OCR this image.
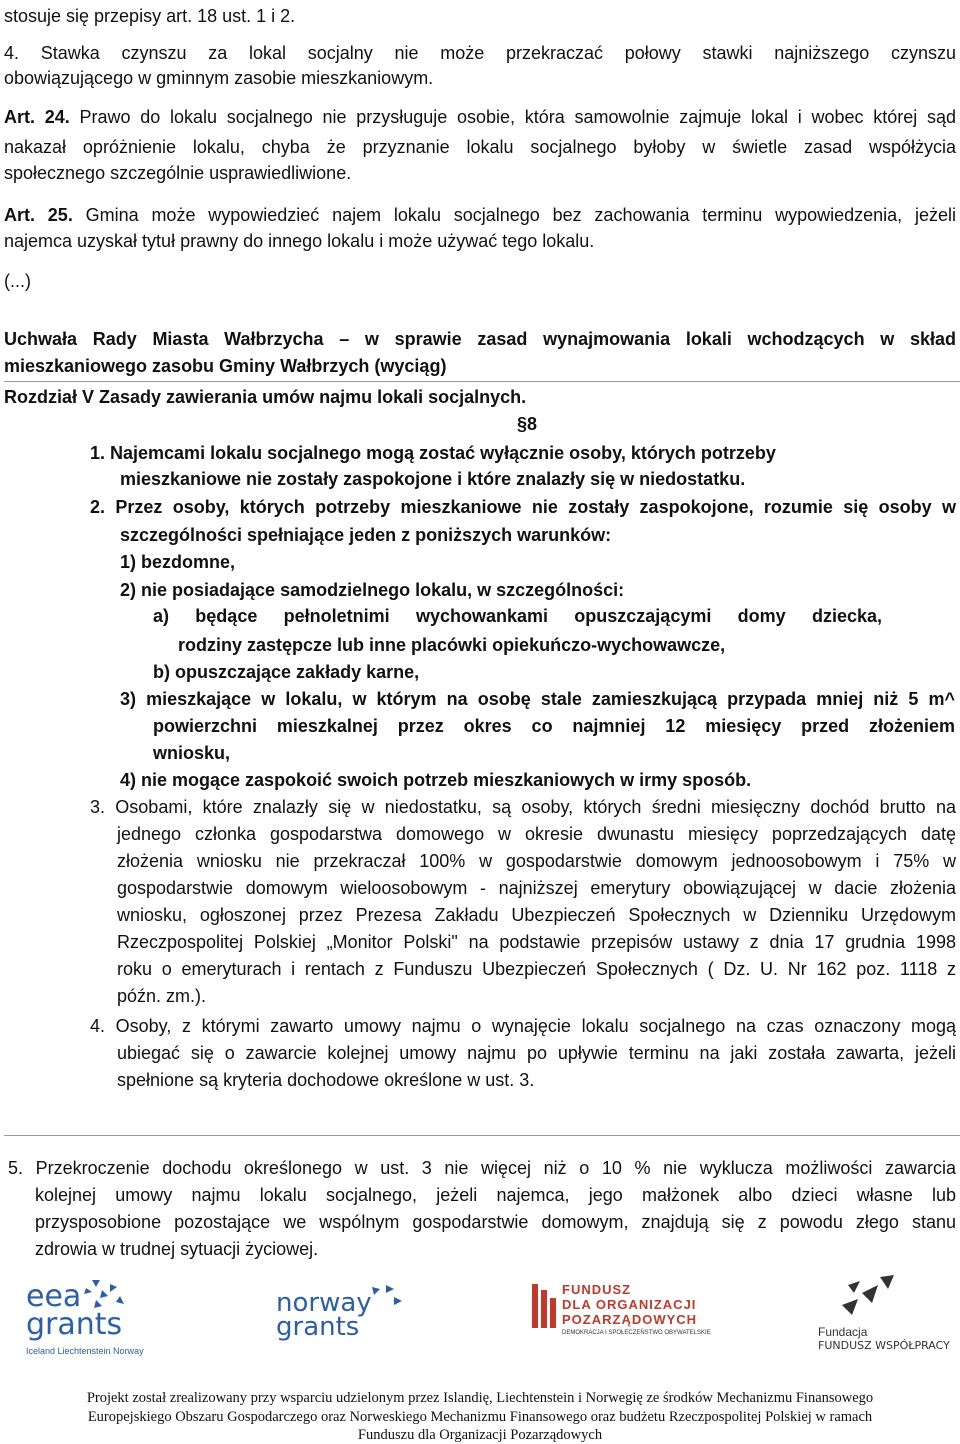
stosuje się przepisy art. 18 ust. 1 i 2.
4. Stawka czynszu za lokal socjalny nie może przekraczać połowy stawki najniższego czynszu
obowiązującego w gminnym zasobie mieszkaniowym.
Art. 24. Prawo do lokalu socjalnego nie przysługuje osobie, która samowolnie zajmuje lokal i wobec której sąd
nakazał opróżnienie lokalu, chyba że przyznanie lokalu socjalnego byłoby w świetle zasad współżycia
społecznego szczególnie usprawiedliwione.
Art. 25. Gmina może wypowiedzieć najem lokalu socjalnego bez zachowania terminu wypowiedzenia, jeżeli
najemca uzyskał tytuł prawny do innego lokalu i może używać tego lokalu.
(...)
Uchwała Rady Miasta Wałbrzycha – w sprawie zasad wynajmowania lokali wchodzących w skład
mieszkaniowego zasobu Gminy Wałbrzych (wyciąg)
Rozdział V Zasady zawierania umów najmu lokali socjalnych.
§8
1. Najemcami lokalu socjalnego mogą zostać wyłącznie osoby, których potrzeby
mieszkaniowe nie zostały zaspokojone i które znalazły się w niedostatku.
2. Przez osoby, których potrzeby mieszkaniowe nie zostały zaspokojone, rozumie się osoby w
szczególności spełniające jeden z poniższych warunków:
1) bezdomne,
2) nie posiadające samodzielnego lokalu, w szczególności:
a) będące pełnoletnimi wychowankami opuszczającymi domy dziecka,
rodziny zastępcze lub inne placówki opiekuńczo-wychowawcze,
b) opuszczające zakłady karne,
3) mieszkające w lokalu, w którym na osobę stale zamieszkującą przypada mniej niż 5 m^
powierzchni mieszkalnej przez okres co najmniej 12 miesięcy przed złożeniem
wniosku,
4) nie mogące zaspokoić swoich potrzeb mieszkaniowych w irmy sposób.
3. Osobami, które znalazły się w niedostatku, są osoby, których średni miesięczny dochód brutto na
jednego członka gospodarstwa domowego w okresie dwunastu miesięcy poprzedzających datę
złożenia wniosku nie przekraczał 100% w gospodarstwie domowym jednoosobowym i 75% w
gospodarstwie domowym wieloosobowym - najniższej emerytury obowiązującej w dacie złożenia
wniosku, ogłoszonej przez Prezesa Zakładu Ubezpieczeń Społecznych w Dzienniku Urzędowym
Rzeczpospolitej Polskiej „Monitor Polski" na podstawie przepisów ustawy z dnia 17 grudnia 1998
roku o emeryturach i rentach z Funduszu Ubezpieczeń Społecznych ( Dz. U. Nr 162 poz. 1118 z
późn. zm.).
4. Osoby, z którymi zawarto umowy najmu o wynajęcie lokalu socjalnego na czas oznaczony mogą
ubiegać się o zawarcie kolejnej umowy najmu po upływie terminu na jaki została zawarta, jeżeli
spełnione są kryteria dochodowe określone w ust. 3.
5. Przekroczenie dochodu określonego w ust. 3 nie więcej niż o 10 % nie wyklucza możliwości zawarcia
kolejnej umowy najmu lokalu socjalnego, jeżeli najemca, jego małżonek albo dzieci własne lub
przysposobione pozostające we wspólnym gospodarstwie domowym, znajdują się z powodu złego stanu
zdrowia w trudnej sytuacji życiowej.
eea
grants
Iceland Liechtenstein Norway
norway
grants
FUNDUSZ
DLA ORGANIZACJI
POZARZĄDOWYCH
DEMOKRACJA I SPOŁECZEŃSTWO OBYWATELSKIE	Fundacja
FUNDUSZ WSPÓŁPRACY
Projekt został zrealizowany przy wsparciu udzielonym przez Islandię, Liechtenstein i Norwegię ze środków Mechanizmu Finansowego
Europejskiego Obszaru Gospodarczego oraz Norweskiego Mechanizmu Finansowego oraz budżetu Rzeczpospolitej Polskiej w ramach
Funduszu dla Organizacji Pozarządowych
